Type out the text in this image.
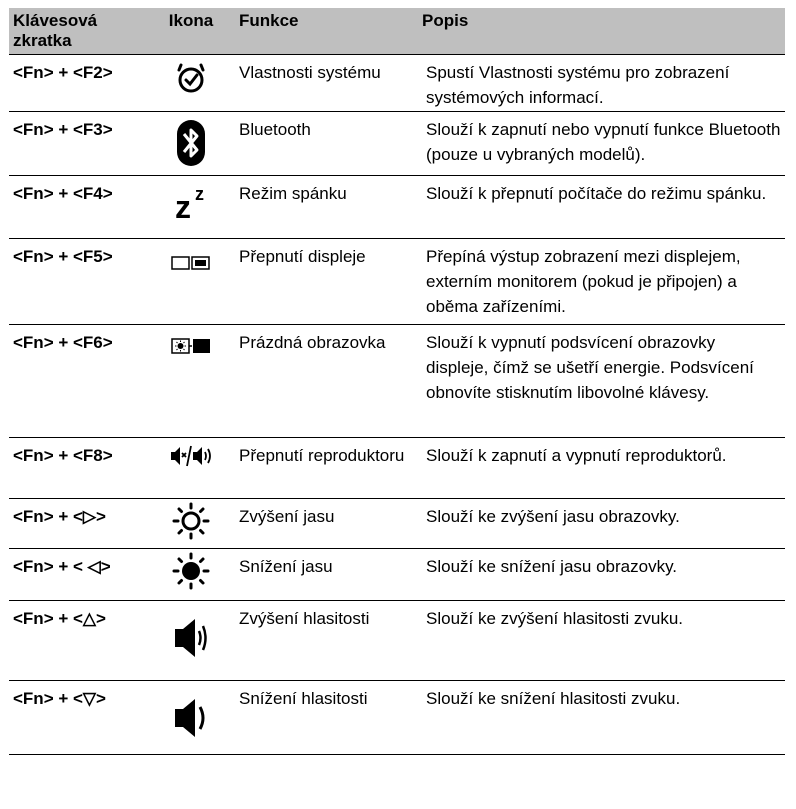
Klávesová zkratka	Ikona	Funkce	Popis
<Fn> + <F2>		Vlastnosti systému	Spustí Vlastnosti systému pro zobrazení systémových informací.
<Fn> + <F3>		Bluetooth	Slouží k zapnutí nebo vypnutí funkce Bluetooth (pouze u vybraných modelů).
<Fn> + <F4>	z z	Režim spánku	Slouží k přepnutí počítače do režimu spánku.
<Fn> + <F5>		Přepnutí displeje	Přepíná výstup zobrazení mezi displejem, externím monitorem (pokud je připojen) a oběma zařízeními.
<Fn> + <F6>		Prázdná obrazovka	Slouží k vypnutí podsvícení obrazovky displeje, čímž se ušetří energie. Podsvícení obnovíte stisknutím libovolné klávesy.
<Fn> + <F8>		Přepnutí reproduktoru	Slouží k zapnutí a vypnutí reproduktorů.
<Fn> + <▷>		Zvýšení jasu	Slouží ke zvýšení jasu obrazovky.
<Fn> + < ◁>		Snížení jasu	Slouží ke snížení jasu obrazovky.
<Fn> + <△>		Zvýšení hlasitosti	Slouží ke zvýšení hlasitosti zvuku.
<Fn> + <▽>		Snížení hlasitosti	Slouží ke snížení hlasitosti zvuku.
